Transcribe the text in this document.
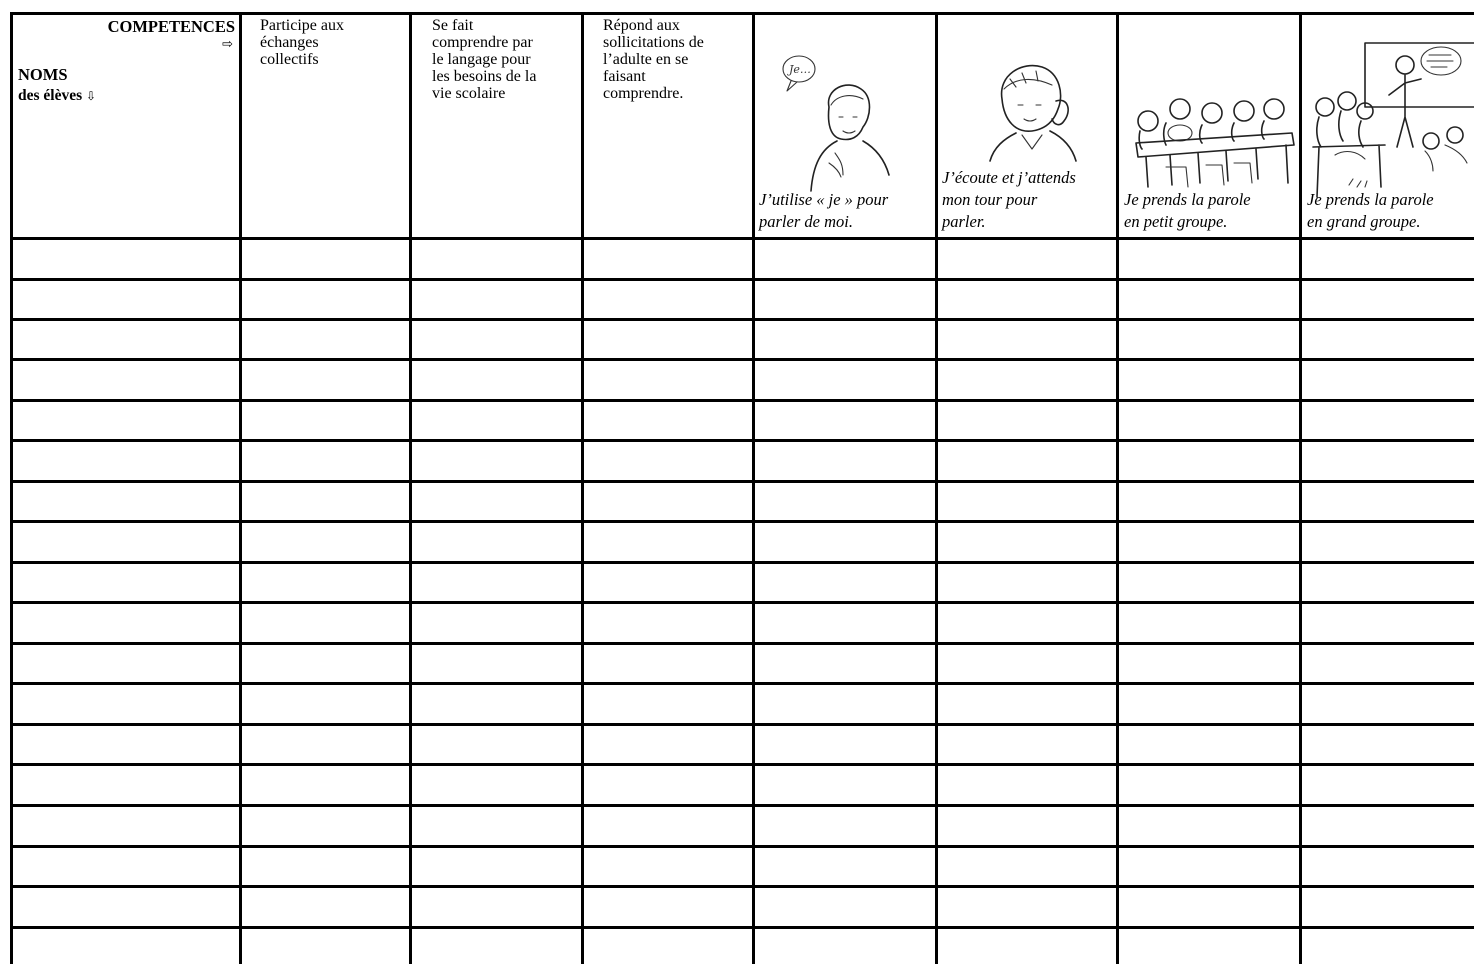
COMPETENCES
⇨
NOMS
des élèves ⇩
Participe aux
échanges
collectifs
Se fait
comprendre par
le langage pour
les besoins de la
vie scolaire
Répond aux
sollicitations de
l’adulte en se
faisant
comprendre.
Je…
J’utilise « je » pour
parler de moi.
J’écoute et j’attends
mon tour pour
parler.
Je prends la parole
en petit groupe.
Je prends la parole
en grand groupe.
